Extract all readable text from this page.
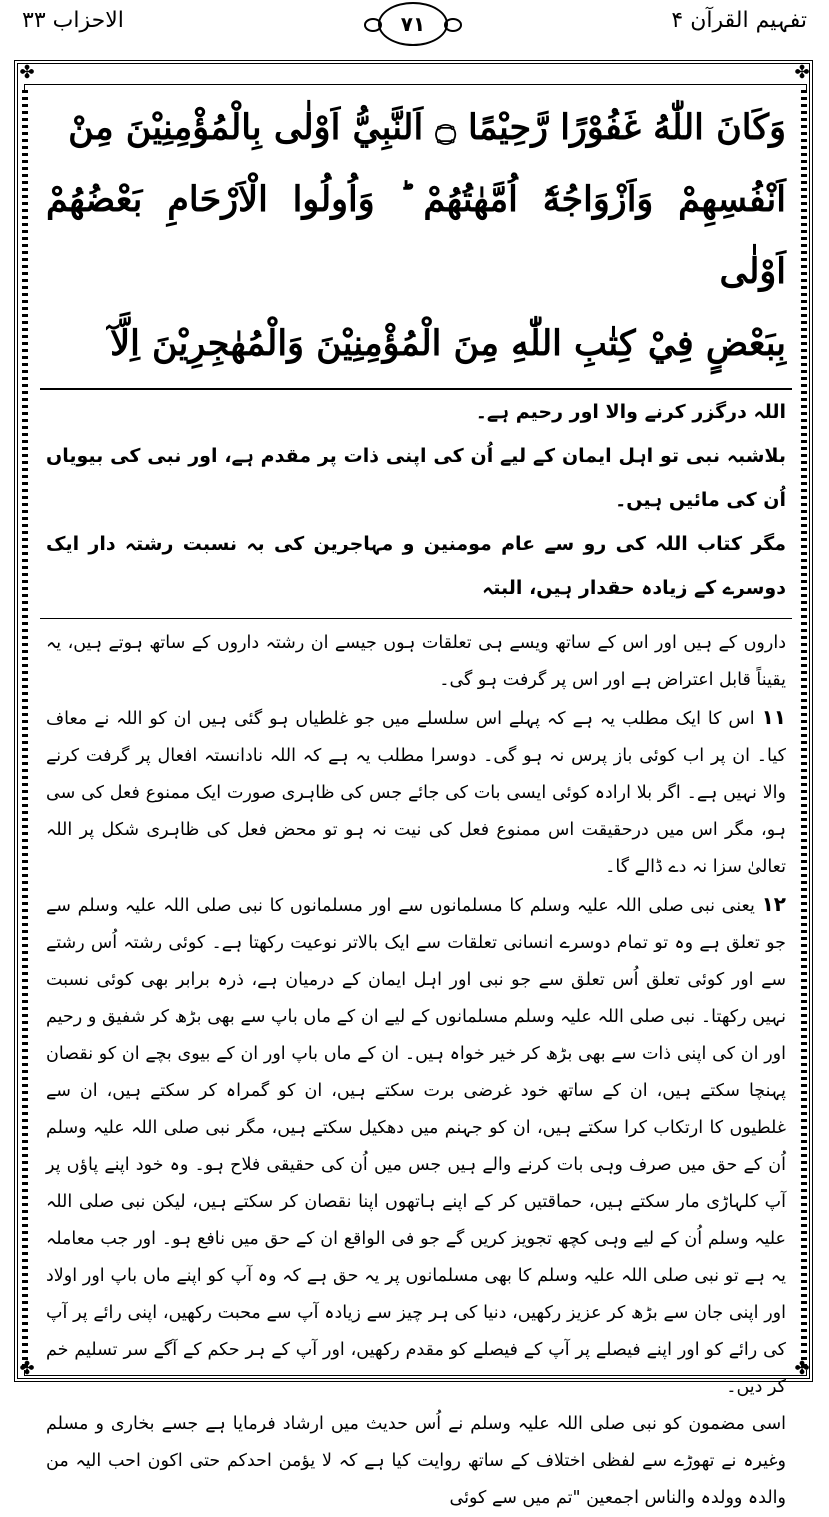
تفہیم القرآن ۴
۷۱
الاحزاب ۳۳
✤	✤
✤	✤
وَكَانَ اللّٰهُ غَفُوْرًا رَّحِيْمًا ۝ اَلنَّبِيُّ اَوْلٰى بِالْمُؤْمِنِيْنَ مِنْ
اَنْفُسِهِمْ وَاَزْوَاجُهٗٓ اُمَّهٰتُهُمْ ؕ وَاُولُوا الْاَرْحَامِ بَعْضُهُمْ اَوْلٰى
بِبَعْضٍ فِيْ كِتٰبِ اللّٰهِ مِنَ الْمُؤْمِنِيْنَ وَالْمُهٰجِرِيْنَ اِلَّآ

اللہ درگزر کرنے والا اور رحیم ہے۔

بلاشبہ نبی تو اہل ایمان کے لیے اُن کی اپنی ذات پر مقدم ہے، اور نبی کی بیویاں اُن کی مائیں ہیں۔

مگر کتاب اللہ کی رو سے عام مومنین و مہاجرین کی بہ نسبت رشتہ دار ایک دوسرے کے زیادہ حقدار ہیں، البتہ

داروں کے ہیں اور اس کے ساتھ ویسے ہی تعلقات ہوں جیسے ان رشتہ داروں کے ساتھ ہوتے ہیں، یہ یقیناً قابل اعتراض ہے اور اس پر گرفت ہو گی۔

۱۱ اس کا ایک مطلب یہ ہے کہ پہلے اس سلسلے میں جو غلطیاں ہو گئی ہیں ان کو اللہ نے معاف کیا۔ ان پر اب کوئی باز پرس نہ ہو گی۔ دوسرا مطلب یہ ہے کہ اللہ نادانستہ افعال پر گرفت کرنے والا نہیں ہے۔ اگر بلا ارادہ کوئی ایسی بات کی جائے جس کی ظاہری صورت ایک ممنوع فعل کی سی ہو، مگر اس میں درحقیقت اس ممنوع فعل کی نیت نہ ہو تو محض فعل کی ظاہری شکل پر اللہ تعالیٰ سزا نہ دے ڈالے گا۔

۱۲ یعنی نبی صلی اللہ علیہ وسلم کا مسلمانوں سے اور مسلمانوں کا نبی صلی اللہ علیہ وسلم سے جو تعلق ہے وہ تو تمام دوسرے انسانی تعلقات سے ایک بالاتر نوعیت رکھتا ہے۔ کوئی رشتہ اُس رشتے سے اور کوئی تعلق اُس تعلق سے جو نبی اور اہل ایمان کے درمیان ہے، ذرہ برابر بھی کوئی نسبت نہیں رکھتا۔ نبی صلی اللہ علیہ وسلم مسلمانوں کے لیے ان کے ماں باپ سے بھی بڑھ کر شفیق و رحیم اور ان کی اپنی ذات سے بھی بڑھ کر خیر خواہ ہیں۔ ان کے ماں باپ اور ان کے بیوی بچے ان کو نقصان پہنچا سکتے ہیں، ان کے ساتھ خود غرضی برت سکتے ہیں، ان کو گمراہ کر سکتے ہیں، ان سے غلطیوں کا ارتکاب کرا سکتے ہیں، ان کو جہنم میں دھکیل سکتے ہیں، مگر نبی صلی اللہ علیہ وسلم اُن کے حق میں صرف وہی بات کرنے والے ہیں جس میں اُن کی حقیقی فلاح ہو۔ وہ خود اپنے پاؤں پر آپ کلہاڑی مار سکتے ہیں، حماقتیں کر کے اپنے ہاتھوں اپنا نقصان کر سکتے ہیں، لیکن نبی صلی اللہ علیہ وسلم اُن کے لیے وہی کچھ تجویز کریں گے جو فی الواقع ان کے حق میں نافع ہو۔ اور جب معاملہ یہ ہے تو نبی صلی اللہ علیہ وسلم کا بھی مسلمانوں پر یہ حق ہے کہ وہ آپ کو اپنے ماں باپ اور اولاد اور اپنی جان سے بڑھ کر عزیز رکھیں، دنیا کی ہر چیز سے زیادہ آپ سے محبت رکھیں، اپنی رائے پر آپ کی رائے کو اور اپنے فیصلے پر آپ کے فیصلے کو مقدم رکھیں، اور آپ کے ہر حکم کے آگے سر تسلیم خم کر دیں۔

اسی مضمون کو نبی صلی اللہ علیہ وسلم نے اُس حدیث میں ارشاد فرمایا ہے جسے بخاری و مسلم وغیرہ نے تھوڑے سے لفظی اختلاف کے ساتھ روایت کیا ہے کہ لا یؤمن احدکم حتی اکون احب الیہ من والدہ وولدہ والناس اجمعین "تم میں سے کوئی
